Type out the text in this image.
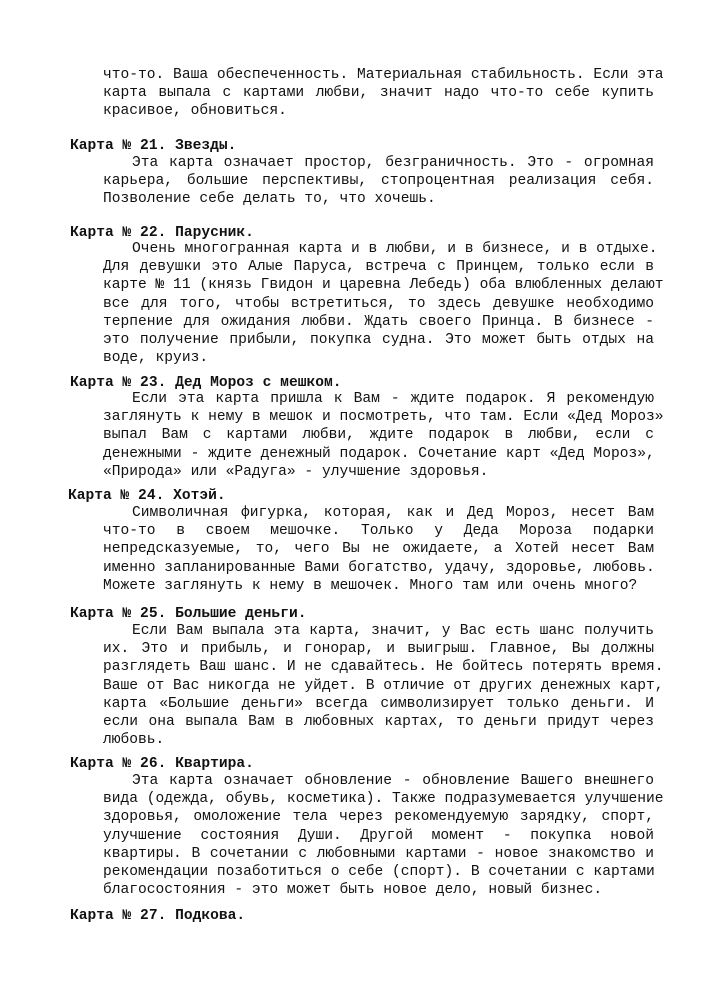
что-то. Ваша обеспеченность. Материальная стабильность. Если эта
карта выпала с картами любви, значит надо что-то себе купить
красивое, обновиться.
Карта № 21. Звезды.
Эта карта означает простор, безграничность. Это - огромная
карьера, большие перспективы, стопроцентная реализация себя.
Позволение себе делать то, что хочешь.
Карта № 22. Парусник.
Очень многогранная карта и в любви, и в бизнесе, и в отдыхе.
Для девушки это Алые Паруса, встреча с Принцем, только если в
карте № 11 (князь Гвидон и царевна Лебедь) оба влюбленных делают
все для того, чтобы встретиться, то здесь девушке необходимо
терпение для ожидания любви. Ждать своего Принца. В бизнесе -
это получение прибыли, покупка судна. Это может быть отдых на
воде, круиз.
Карта № 23. Дед Мороз с мешком.
Если эта карта пришла к Вам - ждите подарок. Я рекомендую
заглянуть к нему в мешок и посмотреть, что там. Если «Дед Мороз»
выпал Вам с картами любви, ждите подарок в любви, если с
денежными - ждите денежный подарок. Сочетание карт «Дед Мороз»,
«Природа» или «Радуга» - улучшение здоровья.
Карта № 24. Хотэй.
Символичная фигурка, которая, как и Дед Мороз, несет Вам
что-то в своем мешочке. Только у Деда Мороза подарки
непредсказуемые, то, чего Вы не ожидаете, а Хотей несет Вам
именно запланированные Вами богатство, удачу, здоровье, любовь.
Можете заглянуть к нему в мешочек. Много там или очень много?
Карта № 25. Большие деньги.
Если Вам выпала эта карта, значит, у Вас есть шанс получить
их. Это и прибыль, и гонорар, и выигрыш. Главное, Вы должны
разглядеть Ваш шанс. И не сдавайтесь. Не бойтесь потерять время.
Ваше от Вас никогда не уйдет. В отличие от других денежных карт,
карта «Большие деньги» всегда символизирует только деньги. И
если она выпала Вам в любовных картах, то деньги придут через
любовь.
Карта № 26. Квартира.
Эта карта означает обновление - обновление Вашего внешнего
вида (одежда, обувь, косметика). Также подразумевается улучшение
здоровья, омоложение тела через рекомендуемую зарядку, спорт,
улучшение состояния Души. Другой момент - покупка новой
квартиры. В сочетании с любовными картами - новое знакомство и
рекомендации позаботиться о себе (спорт). В сочетании с картами
благосостояния - это может быть новое дело, новый бизнес.
Карта № 27. Подкова.
